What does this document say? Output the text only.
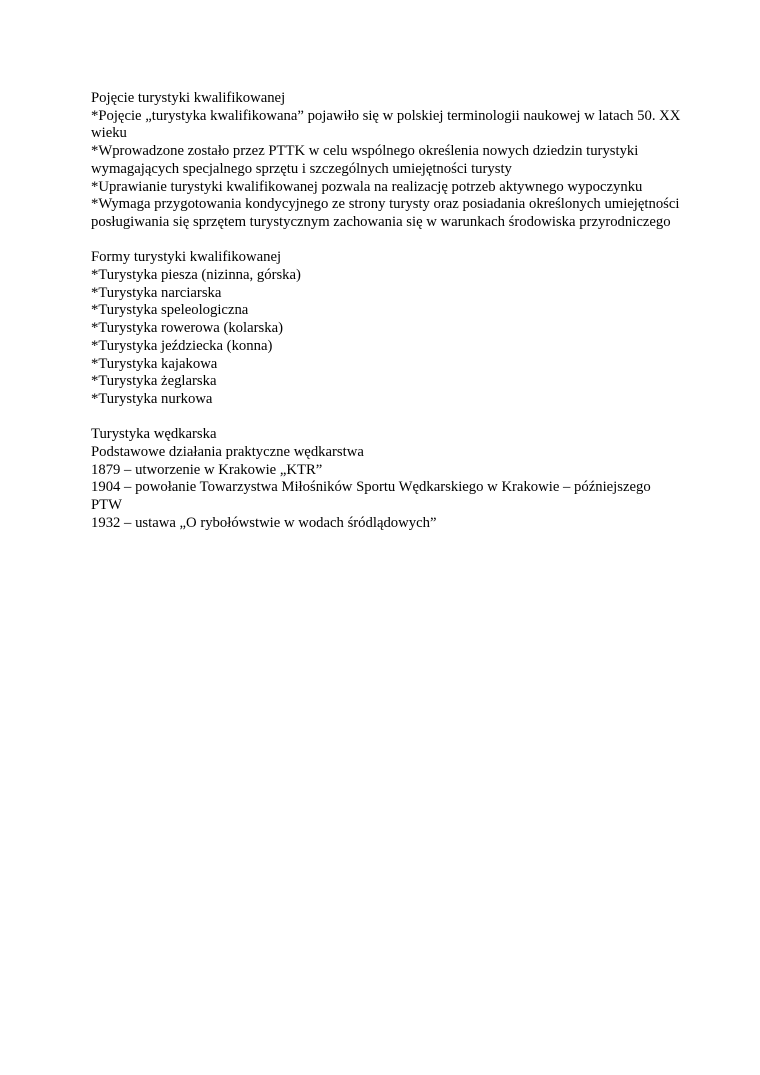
Pojęcie turystyki kwalifikowanej

*Pojęcie „turystyka kwalifikowana” pojawiło się w polskiej terminologii naukowej w latach 50. XX wieku

*Wprowadzone zostało przez PTTK w celu wspólnego określenia nowych dziedzin turystyki wymagających specjalnego sprzętu i szczególnych umiejętności turysty

*Uprawianie turystyki kwalifikowanej pozwala na realizację potrzeb aktywnego wypoczynku

*Wymaga przygotowania kondycyjnego ze strony turysty oraz posiadania określonych umiejętności posługiwania się sprzętem turystycznym zachowania się w warunkach środowiska przyrodniczego

Formy turystyki kwalifikowanej

*Turystyka piesza (nizinna, górska)

*Turystyka narciarska

*Turystyka speleologiczna

*Turystyka rowerowa (kolarska)

*Turystyka jeździecka (konna)

*Turystyka kajakowa

*Turystyka żeglarska

*Turystyka nurkowa

Turystyka wędkarska

Podstawowe działania praktyczne wędkarstwa

1879 – utworzenie w Krakowie „KTR”

1904 – powołanie Towarzystwa Miłośników Sportu Wędkarskiego w Krakowie – późniejszego PTW

1932 – ustawa „O rybołówstwie w wodach śródlądowych”
